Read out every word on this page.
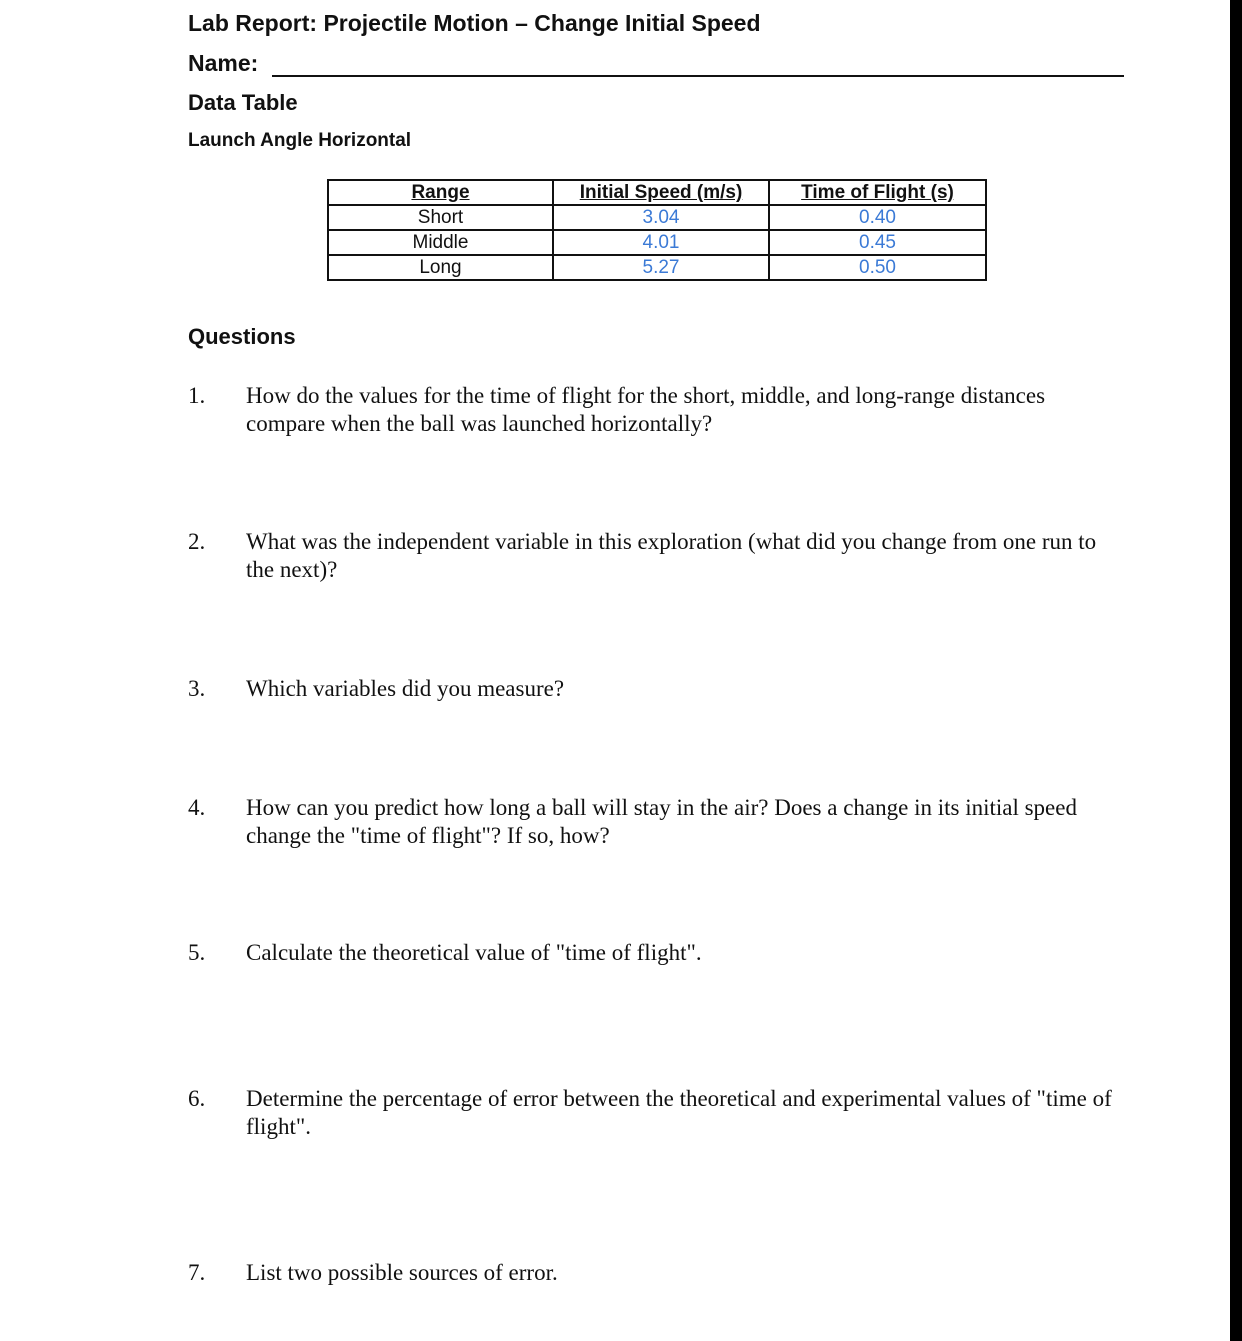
Lab Report: Projectile Motion – Change Initial Speed
Name:
Data Table
Launch Angle Horizontal
Range	Initial Speed (m/s)	Time of Flight (s)
Short	3.04	0.40
Middle	4.01	0.45
Long	5.27	0.50
Questions
1. How do the values for the time of flight for the short, middle, and long-range distances compare when the ball was launched horizontally?
2. What was the independent variable in this exploration (what did you change from one run to the next)?
3. Which variables did you measure?
4. How can you predict how long a ball will stay in the air? Does a change in its initial speed change the "time of flight"? If so, how?
5. Calculate the theoretical value of "time of flight".
6. Determine the percentage of error between the theoretical and experimental values of "time of flight".
7. List two possible sources of error.
